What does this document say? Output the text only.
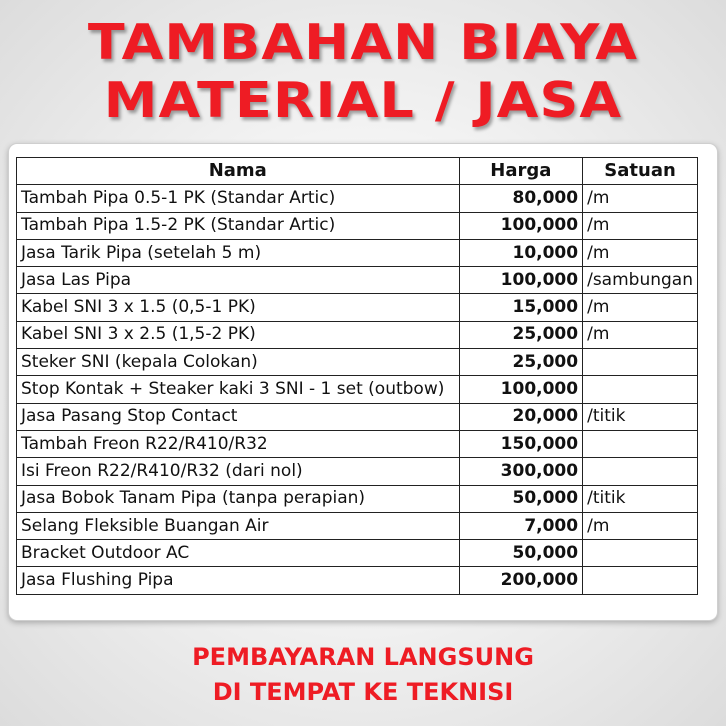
TAMBAHAN BIAYA
MATERIAL / JASA
Nama	Harga	Satuan
Tambah Pipa 0.5-1 PK (Standar Artic)	80,000	/m
Tambah Pipa 1.5-2 PK (Standar Artic)	100,000	/m
Jasa Tarik Pipa (setelah 5 m)	10,000	/m
Jasa Las Pipa	100,000	/sambungan
Kabel SNI 3 x 1.5 (0,5-1 PK)	15,000	/m
Kabel SNI 3 x 2.5 (1,5-2 PK)	25,000	/m
Steker SNI (kepala Colokan)	25,000	
Stop Kontak + Steaker kaki 3 SNI - 1 set (outbow)	100,000	
Jasa Pasang Stop Contact	20,000	/titik
Tambah Freon R22/R410/R32	150,000	
Isi Freon R22/R410/R32 (dari nol)	300,000	
Jasa Bobok Tanam Pipa (tanpa perapian)	50,000	/titik
Selang Fleksible Buangan Air	7,000	/m
Bracket Outdoor AC	50,000	
Jasa Flushing Pipa	200,000	
PEMBAYARAN LANGSUNG
DI TEMPAT KE TEKNISI
